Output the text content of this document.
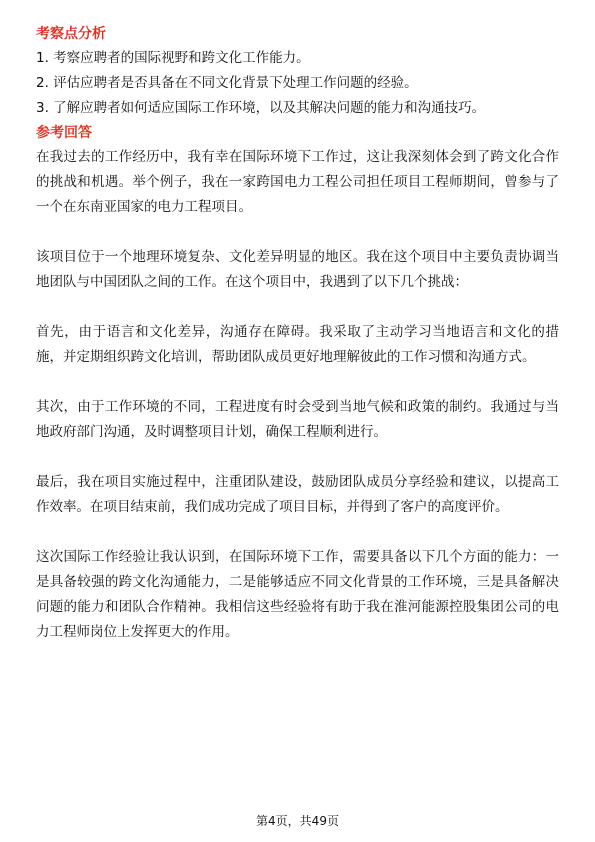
考察点分析

1. 考察应聘者的国际视野和跨文化工作能力。

2. 评估应聘者是否具备在不同文化背景下处理工作问题的经验。

3. 了解应聘者如何适应国际工作环境，以及其解决问题的能力和沟通技巧。

参考回答

在我过去的工作经历中，我有幸在国际环境下工作过，这让我深刻体会到了跨文化合作的挑战和机遇。举个例子，我在一家跨国电力工程公司担任项目工程师期间，曾参与了一个在东南亚国家的电力工程项目。

该项目位于一个地理环境复杂、文化差异明显的地区。我在这个项目中主要负责协调当地团队与中国团队之间的工作。在这个项目中，我遇到了以下几个挑战：

首先，由于语言和文化差异，沟通存在障碍。我采取了主动学习当地语言和文化的措施，并定期组织跨文化培训，帮助团队成员更好地理解彼此的工作习惯和沟通方式。

其次，由于工作环境的不同，工程进度有时会受到当地气候和政策的制约。我通过与当地政府部门沟通，及时调整项目计划，确保工程顺利进行。

最后，我在项目实施过程中，注重团队建设，鼓励团队成员分享经验和建议，以提高工作效率。在项目结束前，我们成功完成了项目目标，并得到了客户的高度评价。

这次国际工作经验让我认识到，在国际环境下工作，需要具备以下几个方面的能力：一是具备较强的跨文化沟通能力，二是能够适应不同文化背景的工作环境，三是具备解决问题的能力和团队合作精神。我相信这些经验将有助于我在淮河能源控股集团公司的电力工程师岗位上发挥更大的作用。

第4页，共49页
